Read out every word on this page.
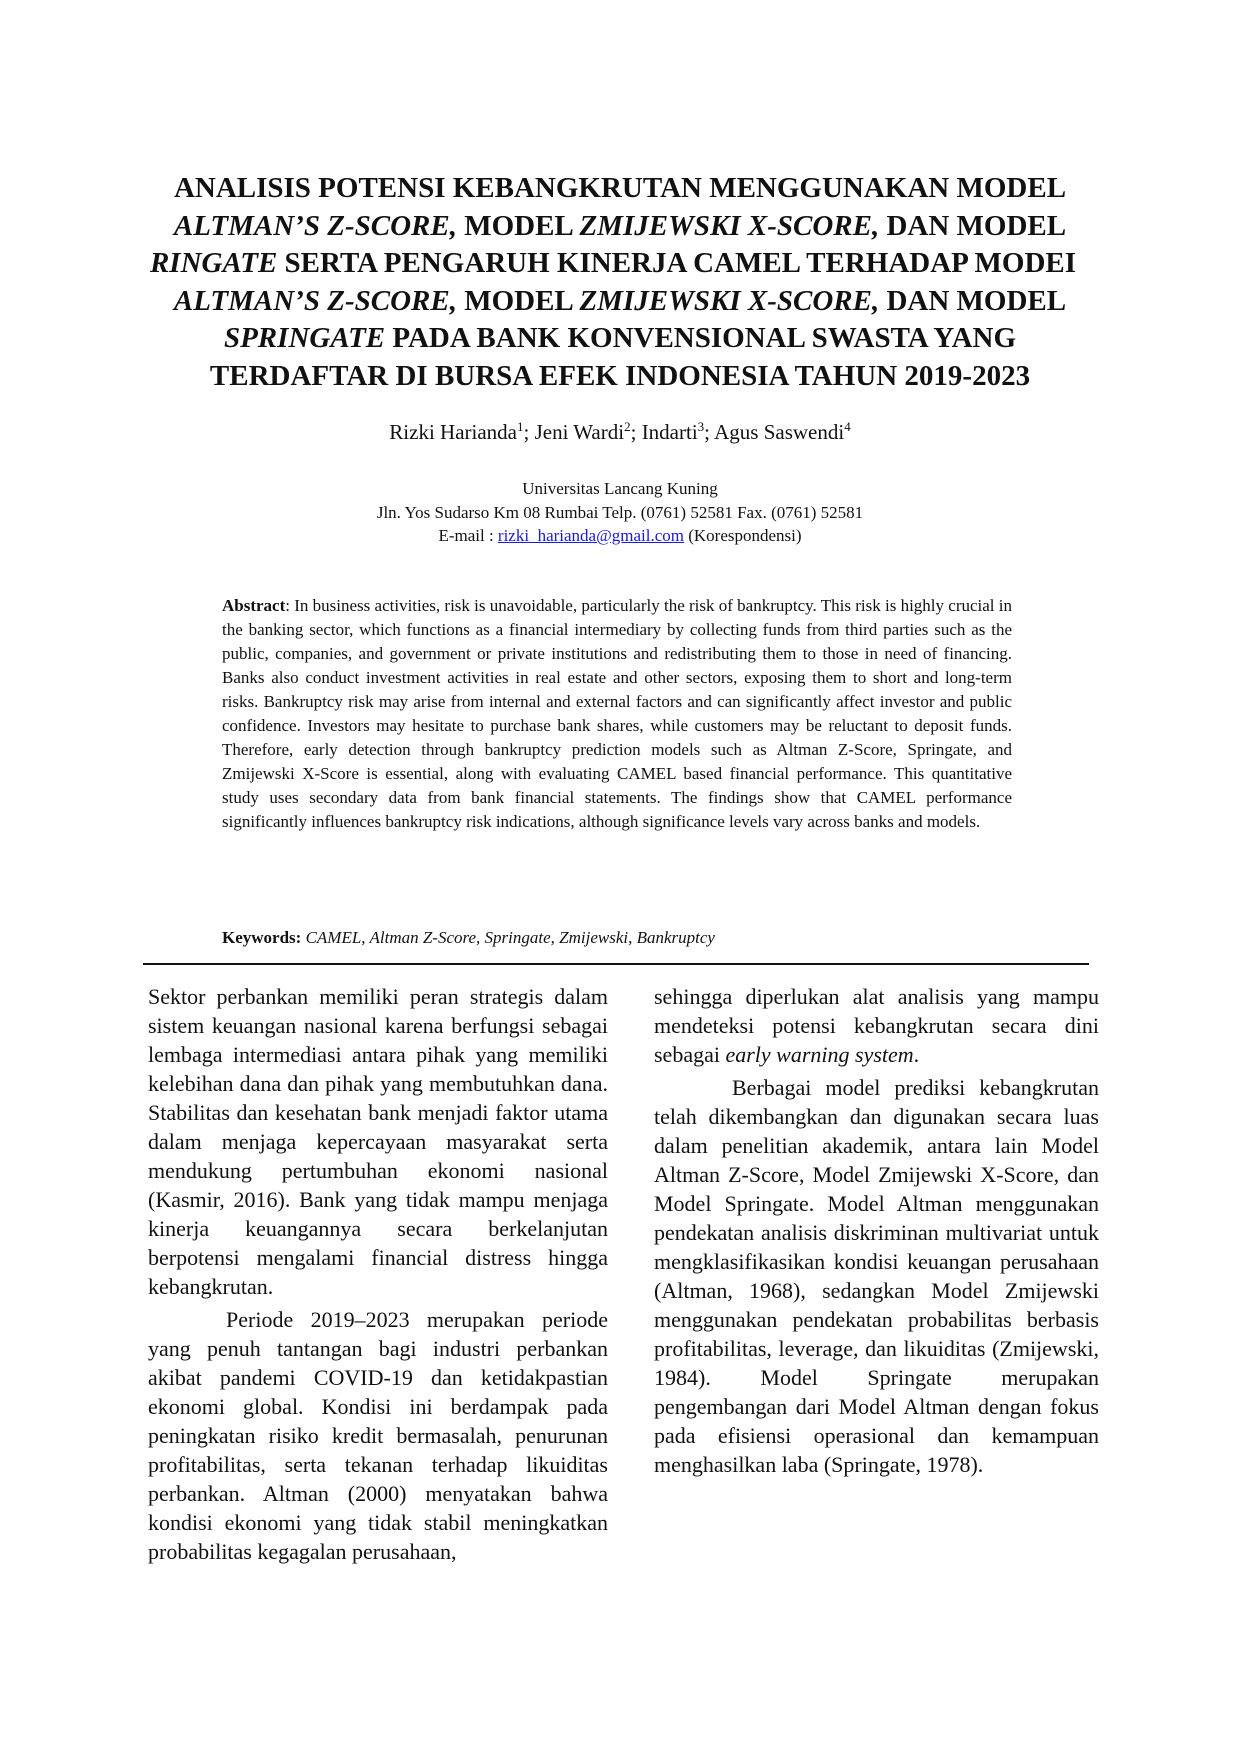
ANALISIS POTENSI KEBANGKRUTAN MENGGUNAKAN MODEL
ALTMAN’S Z-SCORE, MODEL ZMIJEWSKI X-SCORE, DAN MODEL
RINGATE SERTA PENGARUH KINERJA CAMEL TERHADAP MODEI
ALTMAN’S Z-SCORE, MODEL ZMIJEWSKI X-SCORE, DAN MODEL
SPRINGATE PADA BANK KONVENSIONAL SWASTA YANG
TERDAFTAR DI BURSA EFEK INDONESIA TAHUN 2019-2023
Rizki Harianda$^1$; Jeni Wardi$^2$; Indarti$^3$; Agus Saswendi$^4$
Universitas Lancang Kuning
Jln. Yos Sudarso Km 08 Rumbai Telp. (0761) 52581 Fax. (0761) 52581
E-mail : rizki_harianda@gmail.com (Korespondensi)
Abstract: In business activities, risk is unavoidable, particularly the risk of bankruptcy. This risk is highly crucial in the banking sector, which functions as a financial intermediary by collecting funds from third parties such as the public, companies, and government or private institutions and redistributing them to those in need of financing. Banks also conduct investment activities in real estate and other sectors, exposing them to short and long-term risks. Bankruptcy risk may arise from internal and external factors and can significantly affect investor and public confidence. Investors may hesitate to purchase bank shares, while customers may be reluctant to deposit funds. Therefore, early detection through bankruptcy prediction models such as Altman Z-Score, Springate, and Zmijewski X-Score is essential, along with evaluating CAMEL based financial performance. This quantitative study uses secondary data from bank financial statements. The findings show that CAMEL performance significantly influences bankruptcy risk indications, although significance levels vary across banks and models.
Keywords: CAMEL, Altman Z-Score, Springate, Zmijewski, Bankruptcy

Sektor perbankan memiliki peran strategis dalam sistem keuangan nasional karena berfungsi sebagai lembaga intermediasi antara pihak yang memiliki kelebihan dana dan pihak yang membutuhkan dana. Stabilitas dan kesehatan bank menjadi faktor utama dalam menjaga kepercayaan masyarakat serta mendukung pertumbuhan ekonomi nasional (Kasmir, 2016). Bank yang tidak mampu menjaga kinerja keuangannya secara berkelanjutan berpotensi mengalami financial distress hingga kebangkrutan.

Periode 2019–2023 merupakan periode yang penuh tantangan bagi industri perbankan akibat pandemi COVID-19 dan ketidakpastian ekonomi global. Kondisi ini berdampak pada peningkatan risiko kredit bermasalah, penurunan profitabilitas, serta tekanan terhadap likuiditas perbankan. Altman (2000) menyatakan bahwa kondisi ekonomi yang tidak stabil meningkatkan probabilitas kegagalan perusahaan,

sehingga diperlukan alat analisis yang mampu mendeteksi potensi kebangkrutan secara dini sebagai early warning system.

Berbagai model prediksi kebangkrutan telah dikembangkan dan digunakan secara luas dalam penelitian akademik, antara lain Model Altman Z-Score, Model Zmijewski X-Score, dan Model Springate. Model Altman menggunakan pendekatan analisis diskriminan multivariat untuk mengklasifikasikan kondisi keuangan perusahaan (Altman, 1968), sedangkan Model Zmijewski menggunakan pendekatan probabilitas berbasis profitabilitas, leverage, dan likuiditas (Zmijewski, 1984). Model Springate merupakan pengembangan dari Model Altman dengan fokus pada efisiensi operasional dan kemampuan menghasilkan laba (Springate, 1978).
